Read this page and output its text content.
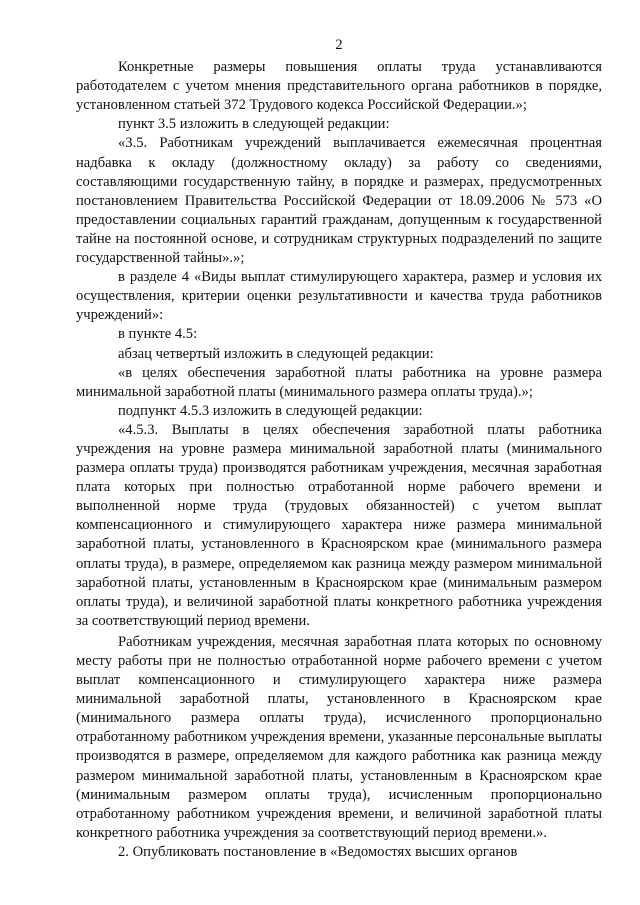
2

Конкретные размеры повышения оплаты труда устанавливаются работодателем с учетом мнения представительного органа работников в порядке, установленном статьей 372 Трудового кодекса Российской Федерации.»;

пункт 3.5 изложить в следующей редакции:

«3.5. Работникам учреждений выплачивается ежемесячная процентная надбавка к окладу (должностному окладу) за работу со сведениями, составляющими государственную тайну, в порядке и размерах, предусмотренных постановлением Правительства Российской Федерации от 18.09.2006 № 573 «О предоставлении социальных гарантий гражданам, допущенным к государственной тайне на постоянной основе, и сотрудникам структурных подразделений по защите государственной тайны».»;

в разделе 4 «Виды выплат стимулирующего характера, размер и условия их осуществления, критерии оценки результативности и качества труда работников учреждений»:

в пункте 4.5:

абзац четвертый изложить в следующей редакции:

«в целях обеспечения заработной платы работника на уровне размера минимальной заработной платы (минимального размера оплаты труда).»;

подпункт 4.5.3 изложить в следующей редакции:

«4.5.3. Выплаты в целях обеспечения заработной платы работника учреждения на уровне размера минимальной заработной платы (минимального размера оплаты труда) производятся работникам учреждения, месячная заработная плата которых при полностью отработанной норме рабочего времени и выполненной норме труда (трудовых обязанностей) с учетом выплат компенсационного и стимулирующего характера ниже размера минимальной заработной платы, установленного в Красноярском крае (минимального размера оплаты труда), в размере, определяемом как разница между размером минимальной заработной платы, установленным в Красноярском крае (минимальным размером оплаты труда), и величиной заработной платы конкретного работника учреждения за соответствующий период времени.

Работникам учреждения, месячная заработная плата которых по основному месту работы при не полностью отработанной норме рабочего времени с учетом выплат компенсационного и стимулирующего характера ниже размера минимальной заработной платы, установленного в Красноярском крае (минимального размера оплаты труда), исчисленного пропорционально отработанному работником учреждения времени, указанные персональные выплаты производятся в размере, определяемом для каждого работника как разница между размером минимальной заработной платы, установленным в Красноярском крае (минимальным размером оплаты труда), исчисленным пропорционально отработанному работником учреждения времени, и величиной заработной платы конкретного работника учреждения за соответствующий период времени.».

2. Опубликовать постановление в «Ведомостях высших органов
